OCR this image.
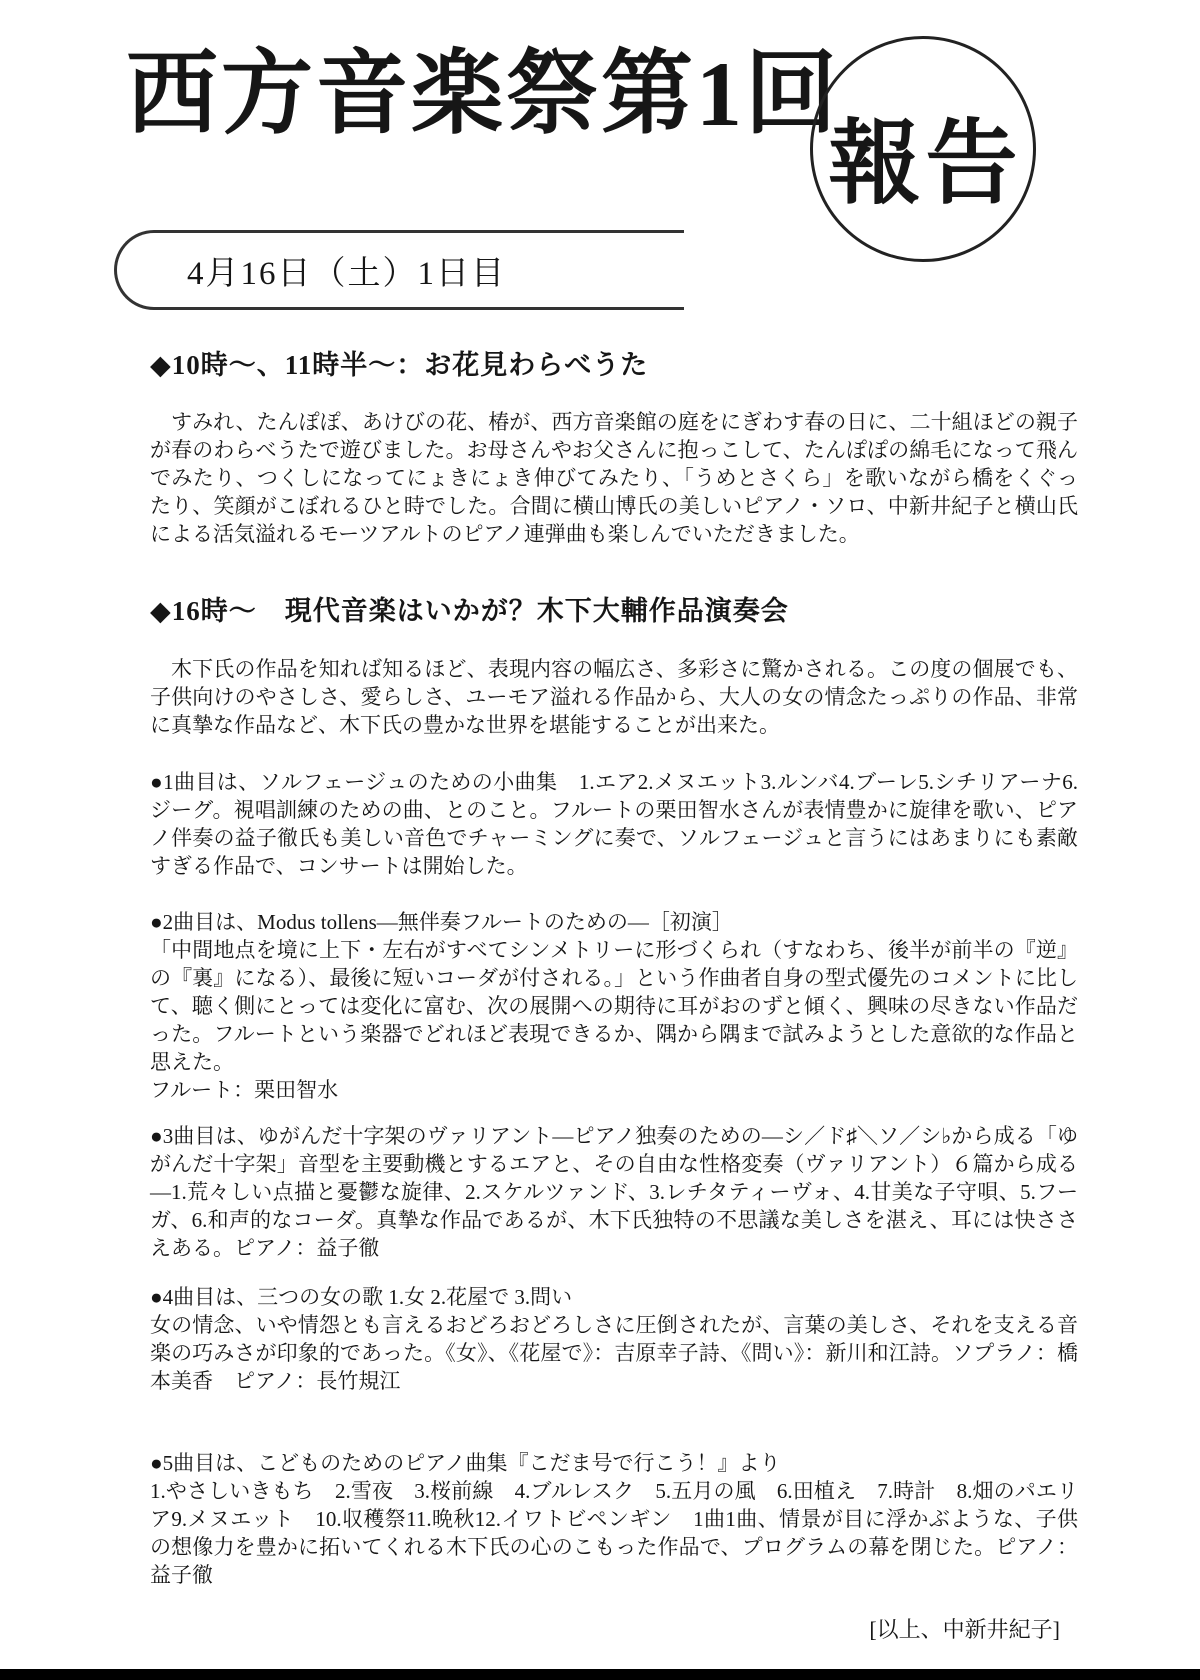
西方音楽祭第1回
報告
4月16日（土）1日目
◆10時～、11時半～：お花見わらべうた

すみれ、たんぽぽ、あけびの花、椿が、西方音楽館の庭をにぎわす春の日に、二十組ほどの親子が春のわらべうたで遊びました。お母さんやお父さんに抱っこして、たんぽぽの綿毛になって飛んでみたり、つくしになってにょきにょき伸びてみたり、「うめとさくら」を歌いながら橋をくぐったり、笑顔がこぼれるひと時でした。合間に横山博氏の美しいピアノ・ソロ、中新井紀子と横山氏による活気溢れるモーツアルトのピアノ連弾曲も楽しんでいただきました。

◆16時～　現代音楽はいかが？木下大輔作品演奏会

木下氏の作品を知れば知るほど、表現内容の幅広さ、多彩さに驚かされる。この度の個展でも、子供向けのやさしさ、愛らしさ、ユーモア溢れる作品から、大人の女の情念たっぷりの作品、非常に真摯な作品など、木下氏の豊かな世界を堪能することが出来た。

●1曲目は、ソルフェージュのための小曲集　1.エア2.メヌエット3.ルンバ4.ブーレ5.シチリアーナ6.ジーグ。視唱訓練のための曲、とのこと。フルートの栗田智水さんが表情豊かに旋律を歌い、ピアノ伴奏の益子徹氏も美しい音色でチャーミングに奏で、ソルフェージュと言うにはあまりにも素敵すぎる作品で、コンサートは開始した。

●2曲目は、Modus tollens―無伴奏フルートのための―［初演］

「中間地点を境に上下・左右がすべてシンメトリーに形づくられ（すなわち、後半が前半の『逆』の『裏』になる）、最後に短いコーダが付される。」という作曲者自身の型式優先のコメントに比して、聴く側にとっては変化に富む、次の展開への期待に耳がおのずと傾く、興味の尽きない作品だった。フルートという楽器でどれほど表現できるか、隅から隅まで試みようとした意欲的な作品と思えた。

フルート：栗田智水

●3曲目は、ゆがんだ十字架のヴァリアント―ピアノ独奏のための―シ／ド♯＼ソ／シ♭から成る「ゆがんだ十字架」音型を主要動機とするエアと、その自由な性格変奏（ヴァリアント）６篇から成る―1.荒々しい点描と憂鬱な旋律、2.スケルツァンド、3.レチタティーヴォ、4.甘美な子守唄、5.フーガ、6.和声的なコーダ。真摯な作品であるが、木下氏独特の不思議な美しさを湛え、耳には快ささえある。ピアノ：益子徹

●4曲目は、三つの女の歌 1.女 2.花屋で 3.問い

女の情念、いや情怨とも言えるおどろおどろしさに圧倒されたが、言葉の美しさ、それを支える音楽の巧みさが印象的であった。《女》、《花屋で》：吉原幸子詩、《問い》：新川和江詩。ソプラノ：橋本美香　ピアノ：長竹規江

●5曲目は、こどものためのピアノ曲集『こだま号で行こう！』より

1.やさしいきもち　2.雪夜　3.桜前線　4.ブルレスク　5.五月の風　6.田植え　7.時計　8.畑のパエリア9.メヌエット　10.収穫祭11.晩秋12.イワトビペンギン　1曲1曲、情景が目に浮かぶような、子供の想像力を豊かに拓いてくれる木下氏の心のこもった作品で、プログラムの幕を閉じた。ピアノ：益子徹

[以上、中新井紀子]
